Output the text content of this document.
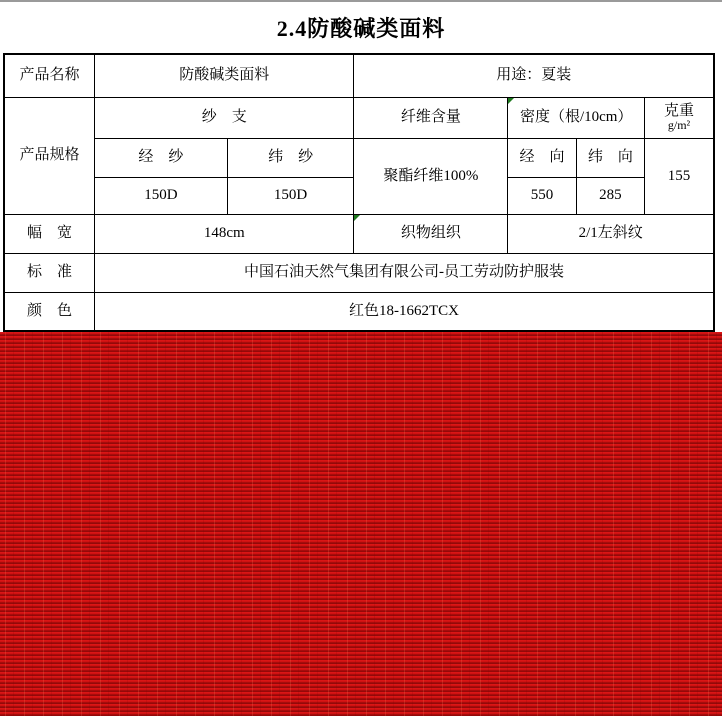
2.4防酸碱类面料
产品名称	防酸碱类面料		用途：夏装			
产品规格	纱　支		纤维含量	密度（根/10cm）		克重
g/m²

	经　纱	纬　纱	聚酯纤维100%	经　向	纬　向	155
	150D	150D		550	285	
幅　宽	148cm		织物组织	2/1左斜纹		
标　准	中国石油天然气集团有限公司-员工劳动防护服装					
颜　色	红色18-1662TCX					
